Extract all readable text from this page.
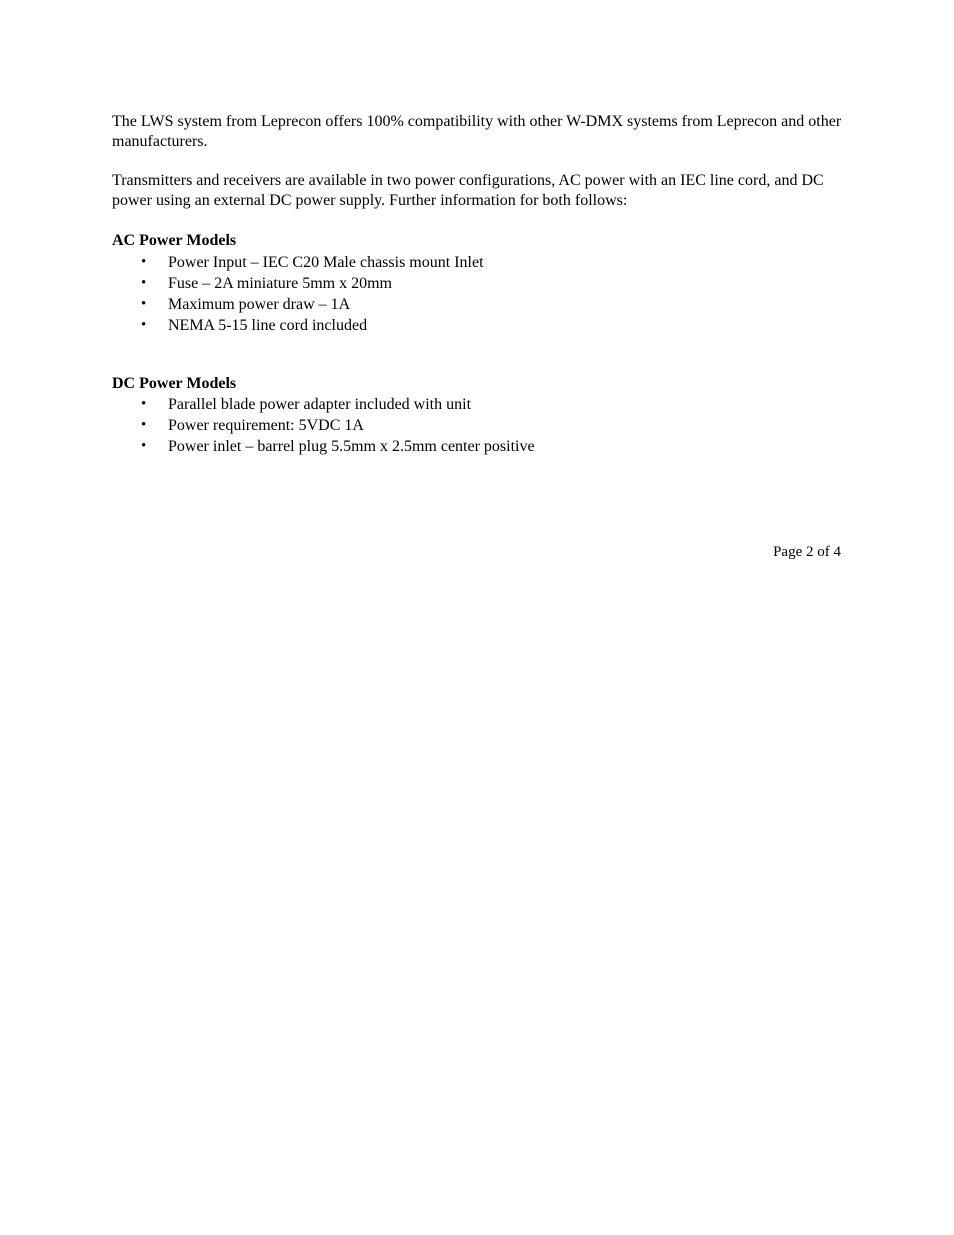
The LWS system from Leprecon offers 100% compatibility with other W-DMX systems from Leprecon and other manufacturers.

Transmitters and receivers are available in two power configurations, AC power with an IEC line cord, and DC power using an external DC power supply. Further information for both follows:

AC Power Models

• Power Input – IEC C20 Male chassis mount Inlet
• Fuse – 2A miniature 5mm x 20mm
• Maximum power draw – 1A
• NEMA 5-15 line cord included

DC Power Models

• Parallel blade power adapter included with unit
• Power requirement: 5VDC 1A
• Power inlet – barrel plug 5.5mm x 2.5mm center positive
Page 2 of 4
